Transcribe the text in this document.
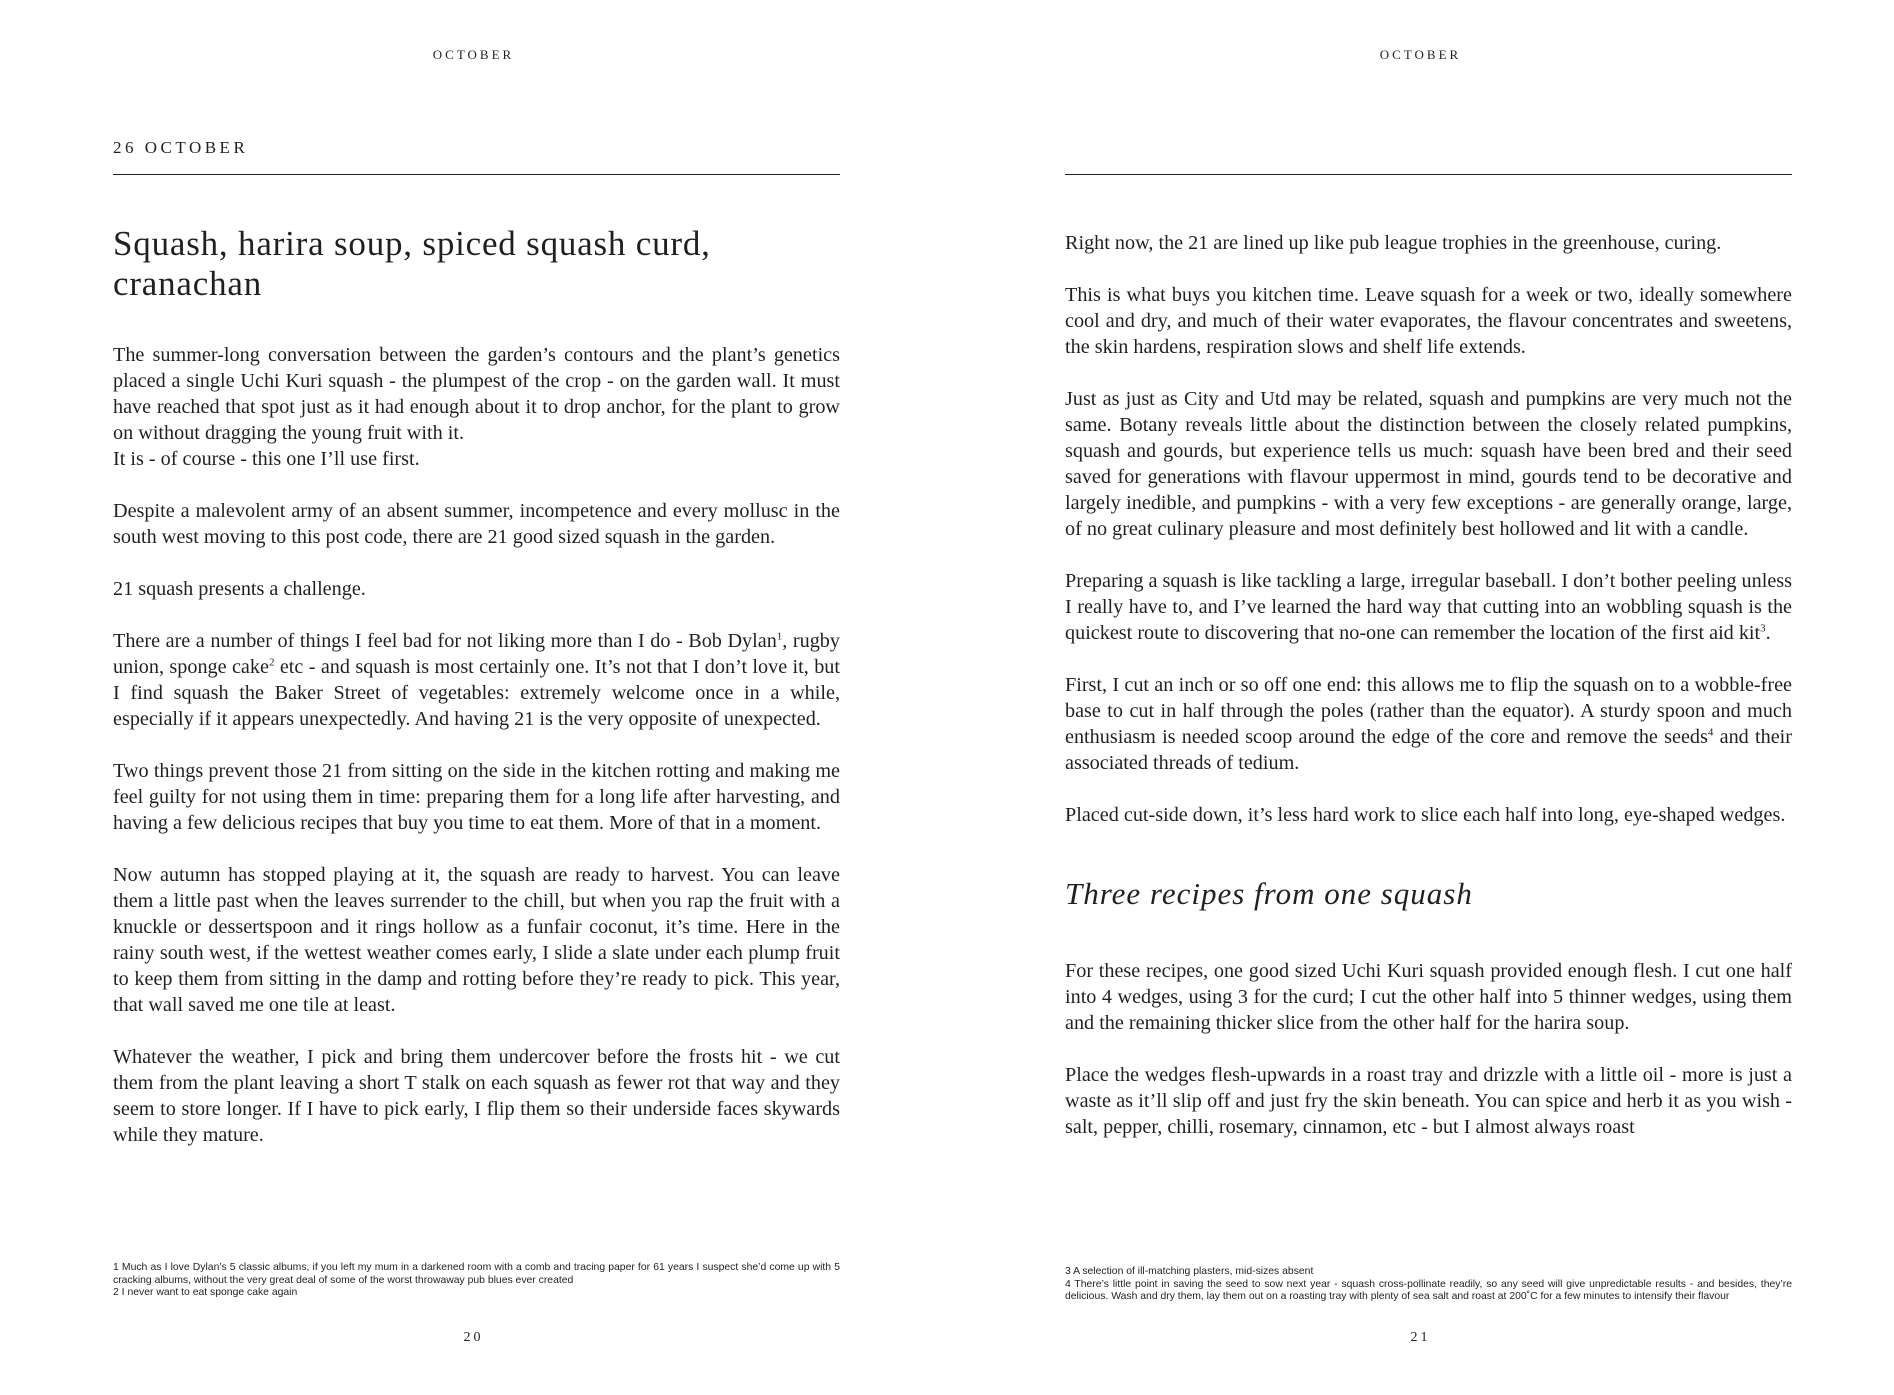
OCTOBER
26 OCTOBER
Squash, harira soup, spiced squash curd, cranachan

The summer-long conversation between the garden’s contours and the plant’s genetics placed a single Uchi Kuri squash - the plumpest of the crop - on the garden wall. It must have reached that spot just as it had enough about it to drop anchor, for the plant to grow on without dragging the young fruit with it.

It is - of course - this one I’ll use first.

Despite a malevolent army of an absent summer, incompetence and every mollusc in the south west moving to this post code, there are 21 good sized squash in the garden.

21 squash presents a challenge.

There are a number of things I feel bad for not liking more than I do - Bob Dylan$^1$, rugby union, sponge cake$^2$ etc - and squash is most certainly one. It’s not that I don’t love it, but I find squash the Baker Street of vegetables: extremely welcome once in a while, especially if it appears unexpectedly. And having 21 is the very opposite of unexpected.

Two things prevent those 21 from sitting on the side in the kitchen rotting and making me feel guilty for not using them in time: preparing them for a long life after harvesting, and having a few delicious recipes that buy you time to eat them. More of that in a moment.

Now autumn has stopped playing at it, the squash are ready to harvest. You can leave them a little past when the leaves surrender to the chill, but when you rap the fruit with a knuckle or dessertspoon and it rings hollow as a funfair coconut, it’s time. Here in the rainy south west, if the wettest weather comes early, I slide a slate under each plump fruit to keep them from sitting in the damp and rotting before they’re ready to pick. This year, that wall saved me one tile at least.

Whatever the weather, I pick and bring them undercover before the frosts hit - we cut them from the plant leaving a short T stalk on each squash as fewer rot that way and they seem to store longer. If I have to pick early, I flip them so their underside faces skywards while they mature.

1 Much as I love Dylan’s 5 classic albums, if you left my mum in a darkened room with a comb and tracing paper for 61 years I suspect she’d come up with 5 cracking albums, without the very great deal of some of the worst throwaway pub blues ever created
2 I never want to eat sponge cake again
20
OCTOBER

Right now, the 21 are lined up like pub league trophies in the greenhouse, curing.

This is what buys you kitchen time. Leave squash for a week or two, ideally somewhere cool and dry, and much of their water evaporates, the flavour concentrates and sweetens, the skin hardens, respiration slows and shelf life extends.

Just as just as City and Utd may be related, squash and pumpkins are very much not the same. Botany reveals little about the distinction between the closely related pumpkins, squash and gourds, but experience tells us much: squash have been bred and their seed saved for generations with flavour uppermost in mind, gourds tend to be decorative and largely inedible, and pumpkins - with a very few exceptions - are generally orange, large, of no great culinary pleasure and most definitely best hollowed and lit with a candle.

Preparing a squash is like tackling a large, irregular baseball. I don’t bother peeling unless I really have to, and I’ve learned the hard way that cutting into an wobbling squash is the quickest route to discovering that no-one can remember the location of the first aid kit$^3$.

First, I cut an inch or so off one end: this allows me to flip the squash on to a wobble-free base to cut in half through the poles (rather than the equator). A sturdy spoon and much enthusiasm is needed scoop around the edge of the core and remove the seeds$^4$ and their associated threads of tedium.

Placed cut-side down, it’s less hard work to slice each half into long, eye-shaped wedges.

Three recipes from one squash

For these recipes, one good sized Uchi Kuri squash provided enough flesh. I cut one half into 4 wedges, using 3 for the curd; I cut the other half into 5 thinner wedges, using them and the remaining thicker slice from the other half for the harira soup.

Place the wedges flesh-upwards in a roast tray and drizzle with a little oil - more is just a waste as it’ll slip off and just fry the skin beneath. You can spice and herb it as you wish - salt, pepper, chilli, rosemary, cinnamon, etc - but I almost always roast

3 A selection of ill-matching plasters, mid-sizes absent
4 There’s little point in saving the seed to sow next year - squash cross-pollinate readily, so any seed will give unpredictable results - and besides, they’re delicious. Wash and dry them, lay them out on a roasting tray with plenty of sea salt and roast at 200˚C for a few minutes to intensify their flavour
21
